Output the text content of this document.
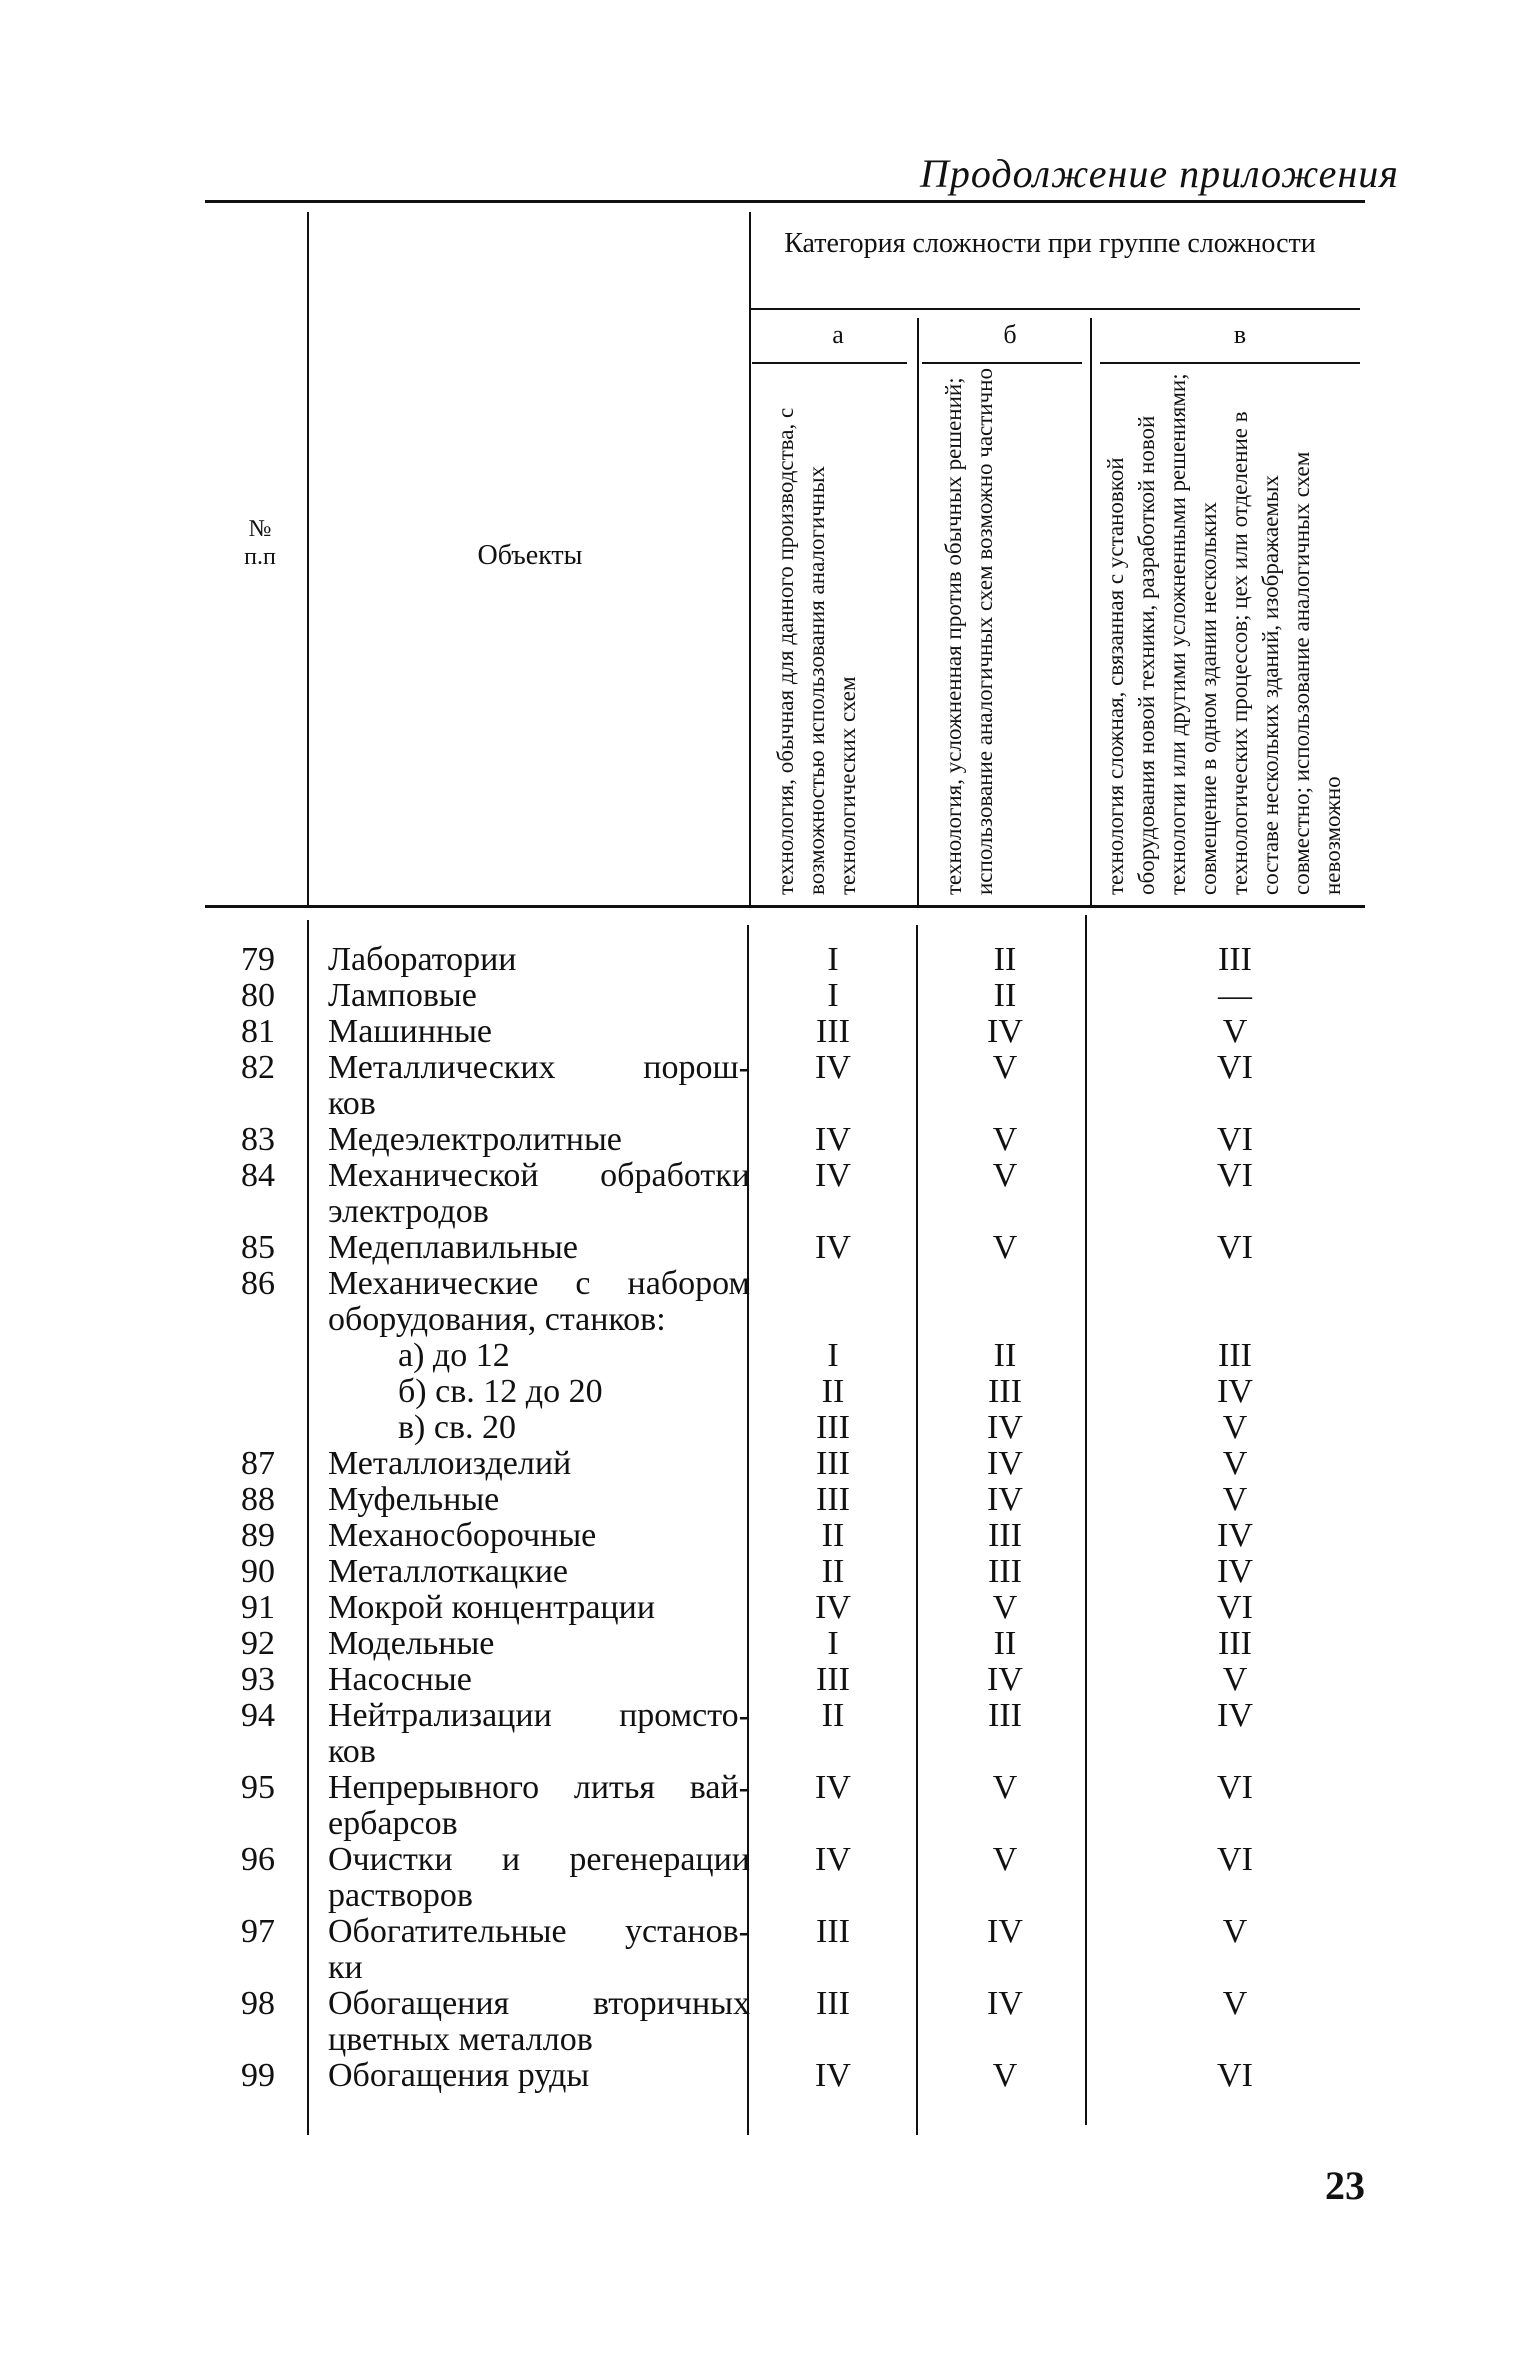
Продолжение приложения
№
п.п	Объекты
Категория сложности при группе сложности
а	б	в
технология, обычная для данного производства, с возможностью использования аналогичных технологических схем	технология, усложненная против обычных решений; использование аналогичных схем возможно частично	технология сложная, связанная с установкой оборудования новой техники, разработкой новой технологии или другими усложненными решениями; совмещение в одном здании нескольких технологических процессов; цех или отделение в составе нескольких зданий, изображаемых совместно; использование аналогичных схем невозможно
79 Лаборатории	I	II	III
80 Ламповые	I	II	—
81 Машинные	III	IV	V
82 Металлических порош-
ков
IV	V	VI
83 Медеэлектролитные	IV	V	VI
84 Механической обработки
электродов
IV	V	VI
85 Медеплавильные	IV	V	VI
86 Механические с набором
оборудования, станков:
а) до 12	I	II	III
б) св. 12 до 20	II	III	IV
в) св. 20	III	IV	V
87 Металлоизделий	III	IV	V
88 Муфельные	III	IV	V
89 Механосборочные	II	III	IV
90 Металлоткацкие	II	III	IV
91 Мокрой концентрации	IV	V	VI
92 Модельные	I	II	III
93 Насосные	III	IV	V
94 Нейтрализации промсто-
ков
II	III	IV
95 Непрерывного литья вай-
ербарсов
IV	V	VI
96 Очистки и регенерации
растворов
IV	V	VI
97 Обогатительные установ-
ки
III	IV	V
98 Обогащения вторичных
цветных металлов
III	IV	V
99 Обогащения руды	IV	V	VI
23
